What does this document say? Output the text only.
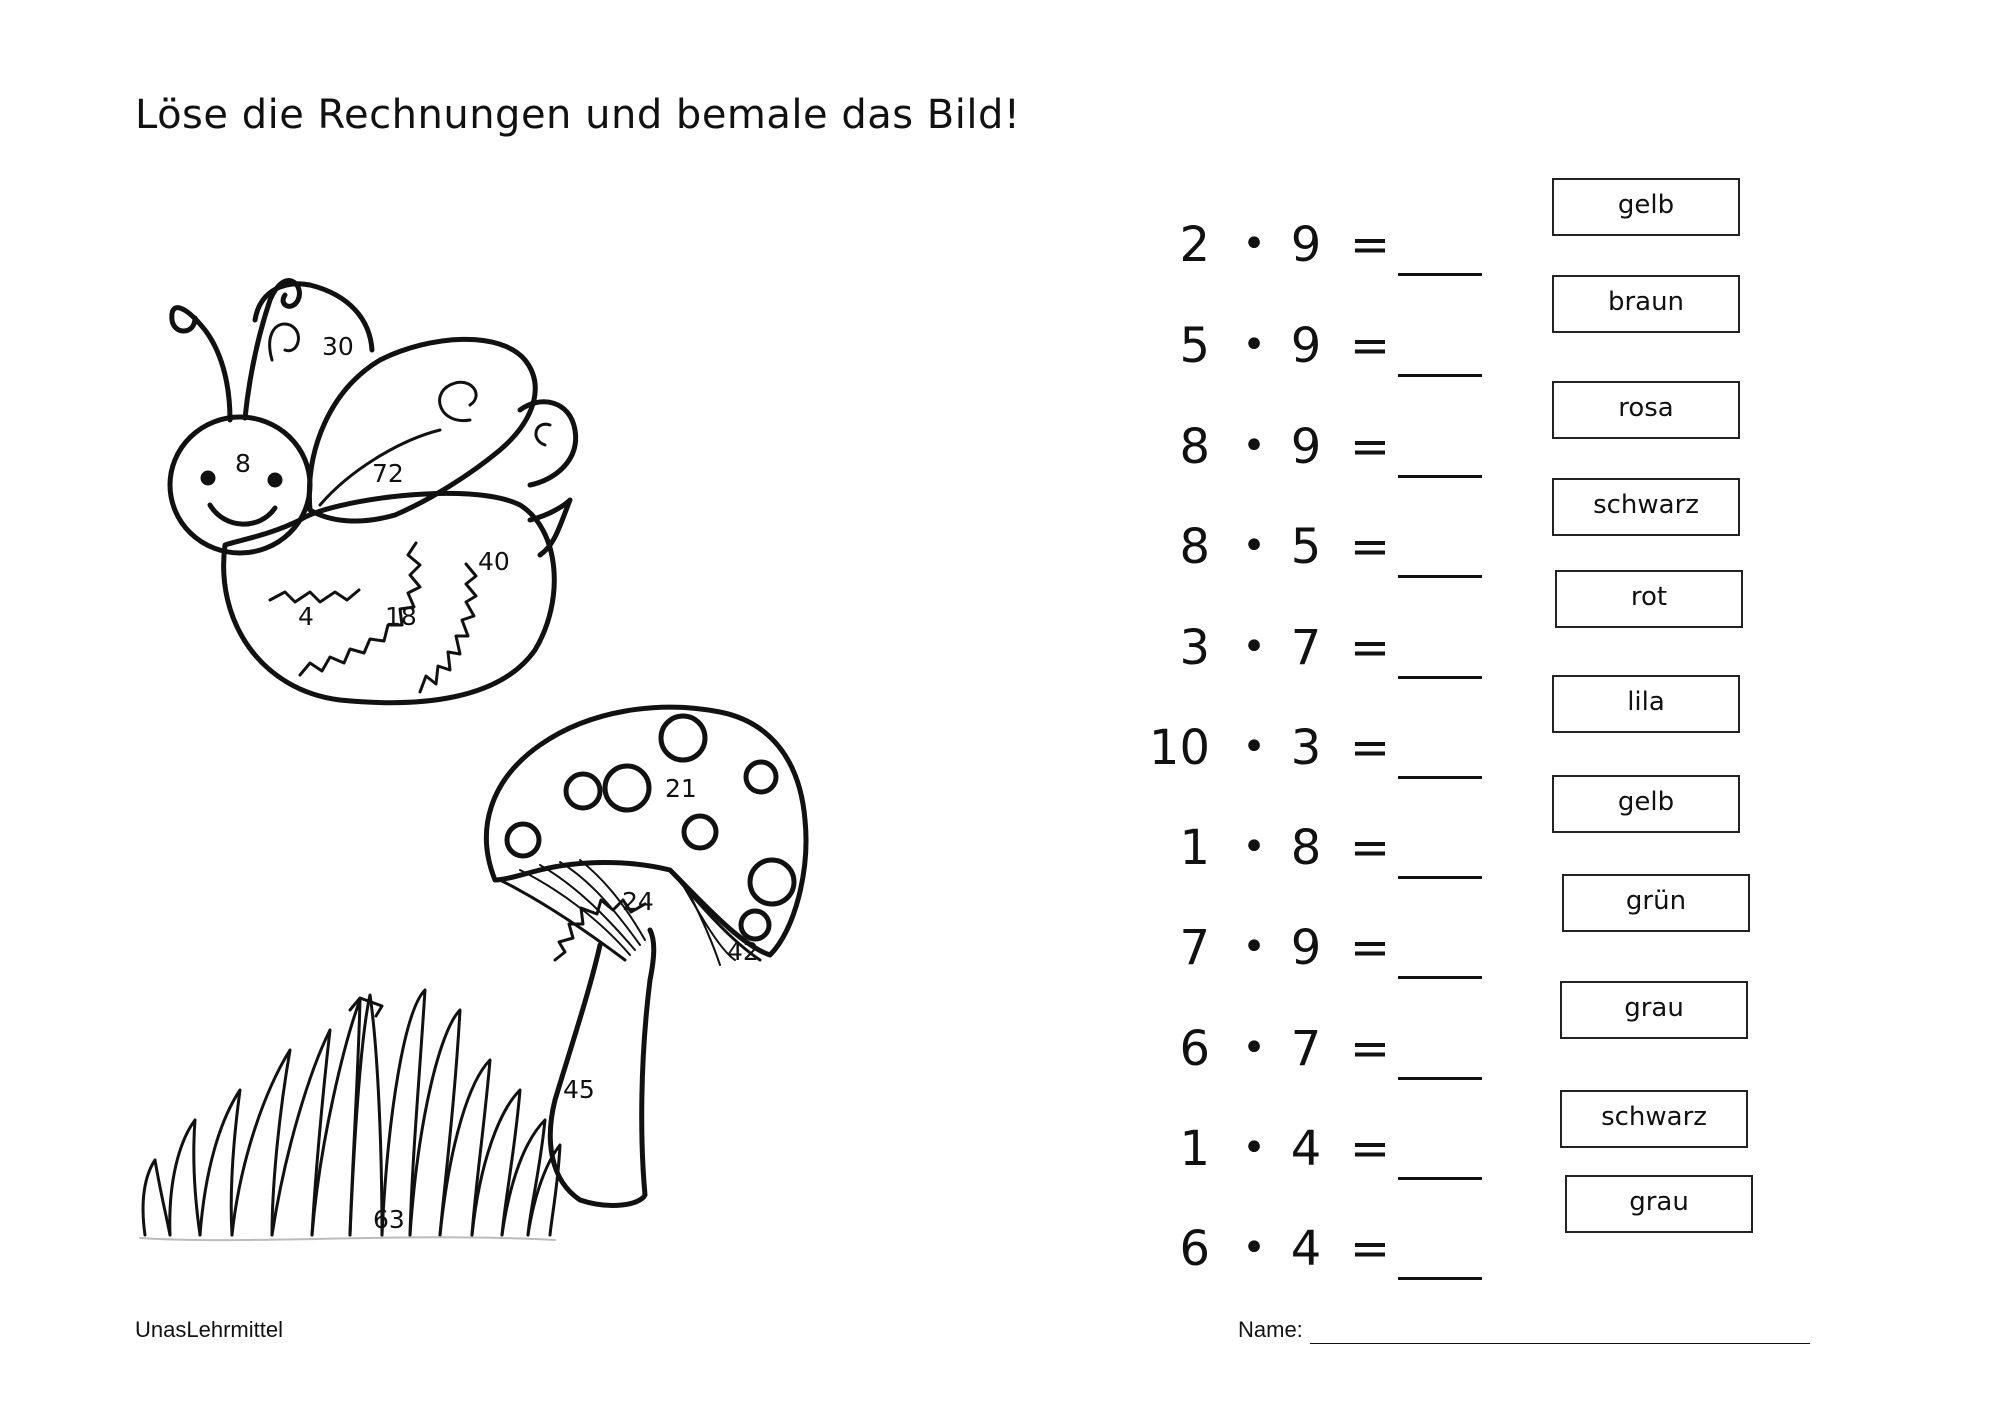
Löse die Rechnungen und bemale das Bild!
30
8	72
40
4	18
21
24
42
45
63
2 • 9 =
gelb
5 • 9 =
braun
8 • 9 =
rosa
8 • 5 =
schwarz
3 • 7 =
rot
10 • 3 =
lila
1 • 8 =
gelb
7 • 9 =
grün
6 • 7 =
grau
1 • 4 =
schwarz
6 • 4 =
grau
UnasLehrmittel	Name:
